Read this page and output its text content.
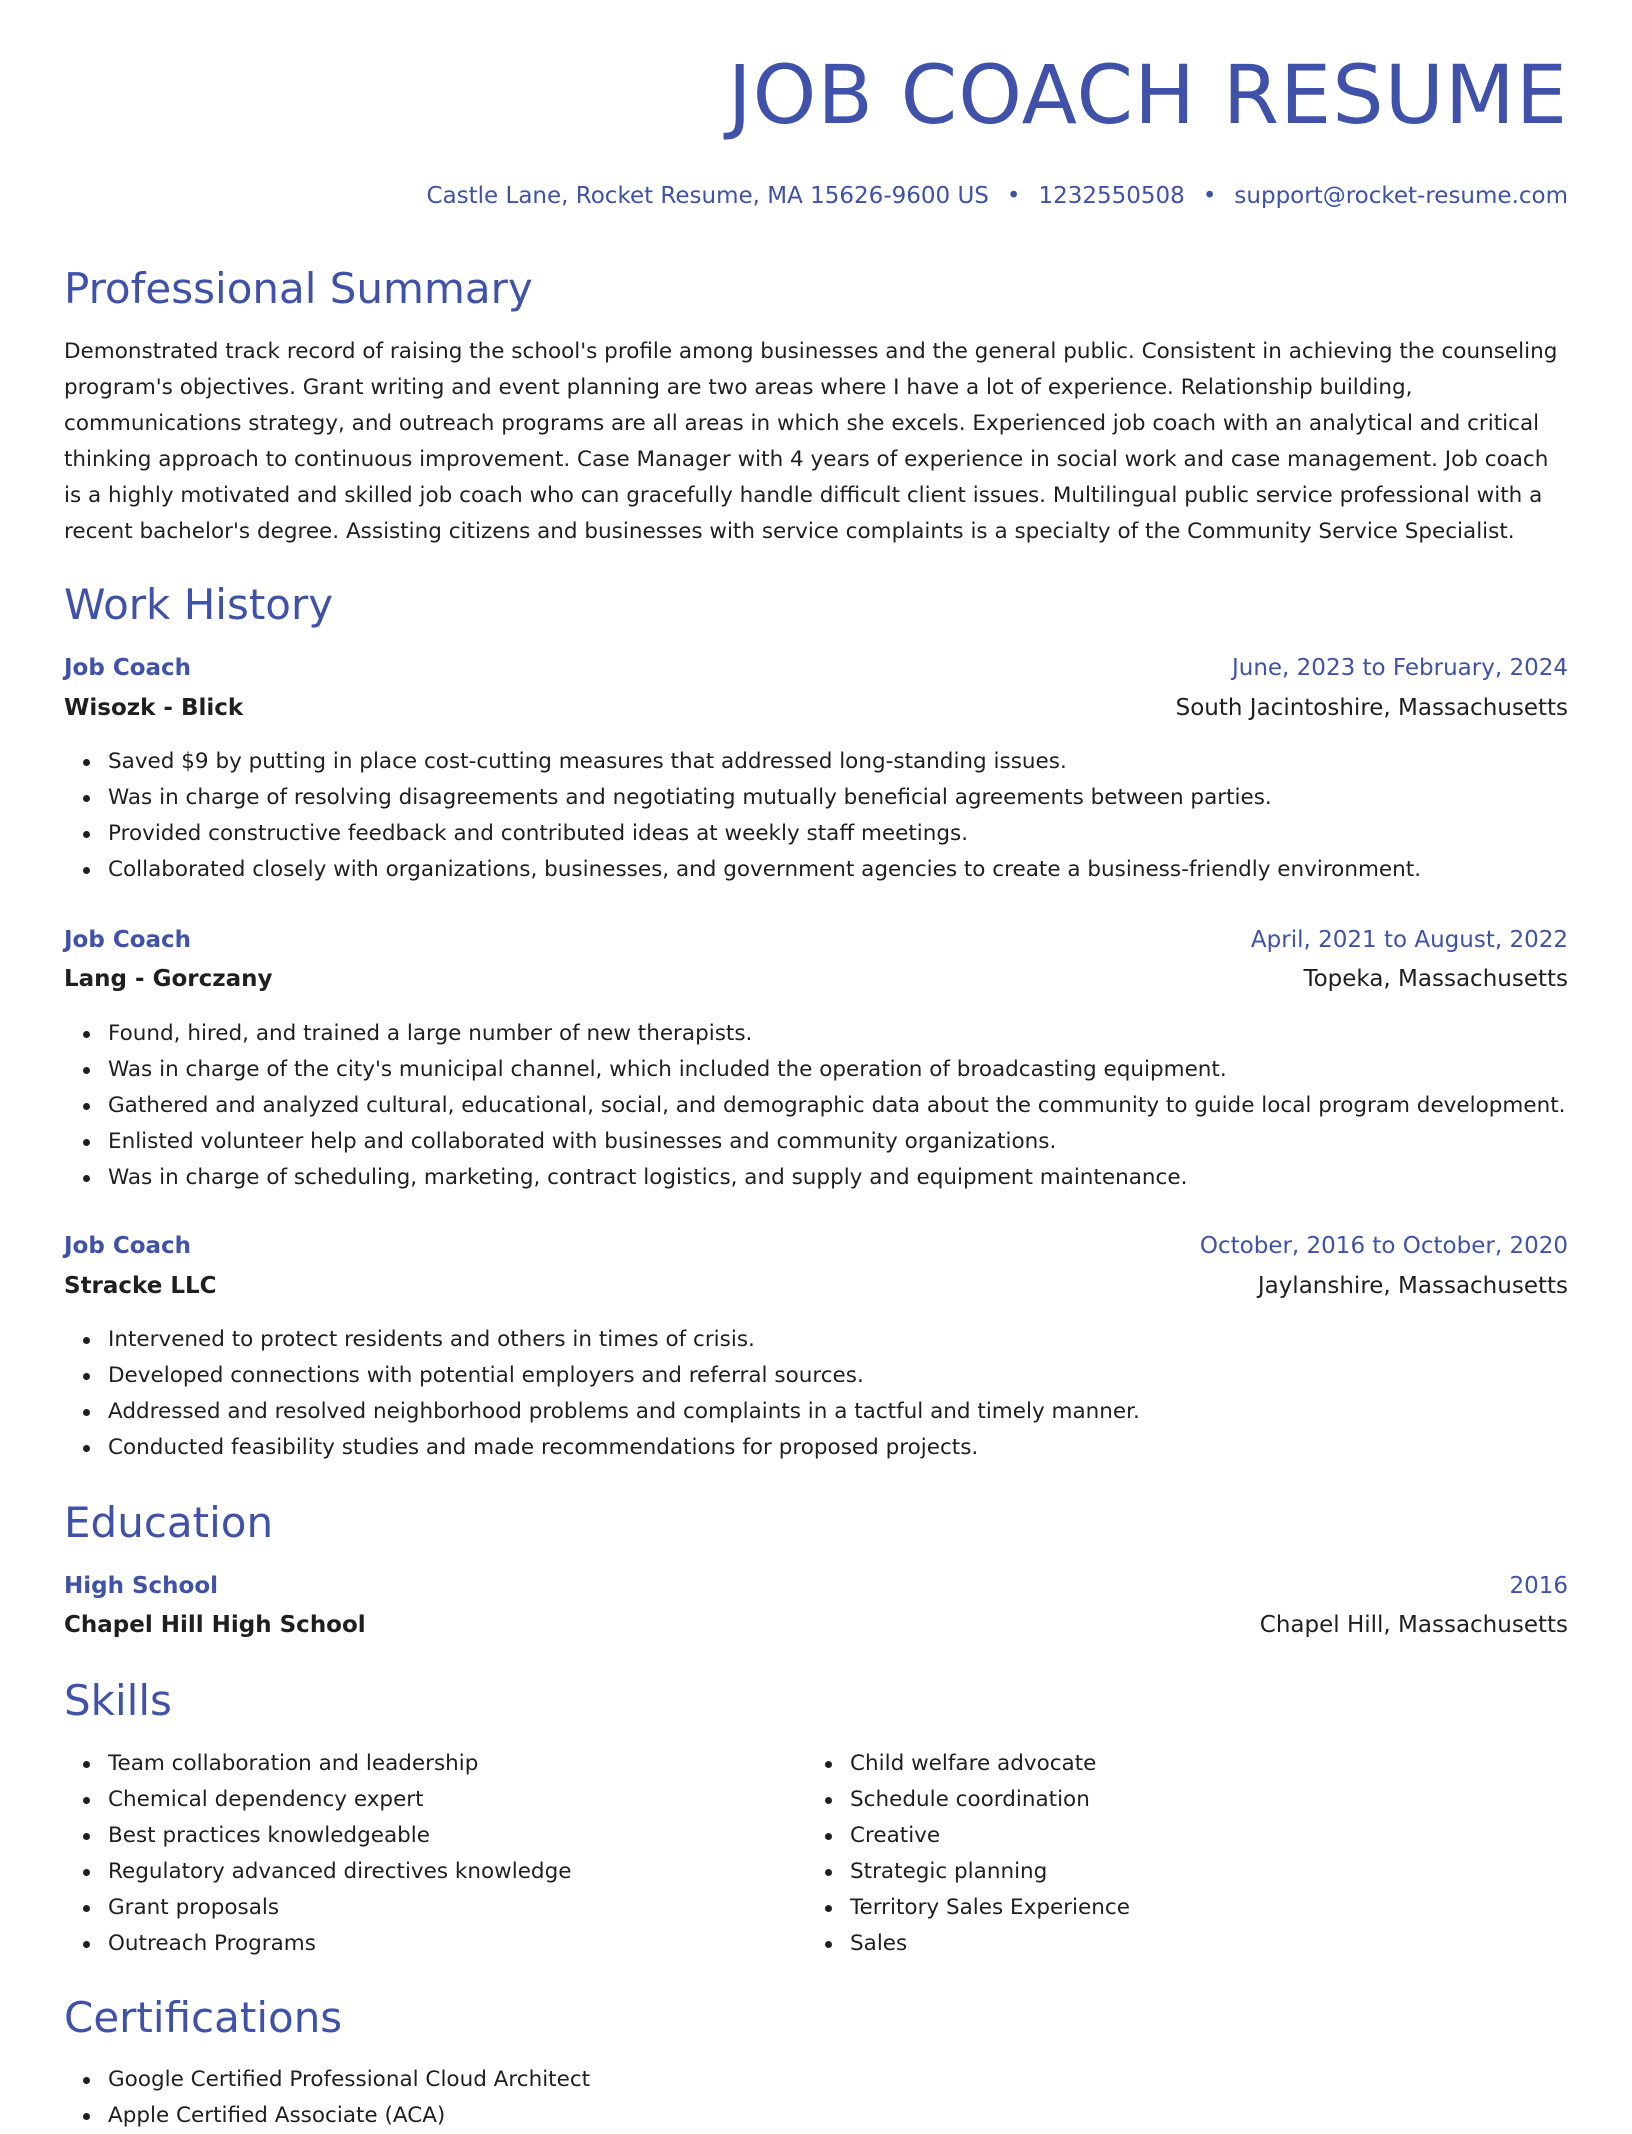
JOB COACH RESUME
Castle Lane, Rocket Resume, MA 15626-9600 US • 1232550508 • support@rocket-resume.com
Professional Summary

Demonstrated track record of raising the school's profile among businesses and the general public. Consistent in achieving the counseling program's objectives. Grant writing and event planning are two areas where I have a lot of experience. Relationship building, communications strategy, and outreach programs are all areas in which she excels. Experienced job coach with an analytical and critical thinking approach to continuous improvement. Case Manager with 4 years of experience in social work and case management. Job coach is a highly motivated and skilled job coach who can gracefully handle difficult client issues. Multilingual public service professional with a recent bachelor's degree. Assisting citizens and businesses with service complaints is a specialty of the Community Service Specialist.

Work History
Job Coach	June, 2023 to February, 2024
Wisozk - Blick	South Jacintoshire, Massachusetts
Saved $9 by putting in place cost-cutting measures that addressed long-standing issues.
Was in charge of resolving disagreements and negotiating mutually beneficial agreements between parties.
Provided constructive feedback and contributed ideas at weekly staff meetings.
Collaborated closely with organizations, businesses, and government agencies to create a business-friendly environment.
Job Coach	April, 2021 to August, 2022
Lang - Gorczany	Topeka, Massachusetts
Found, hired, and trained a large number of new therapists.
Was in charge of the city's municipal channel, which included the operation of broadcasting equipment.
Gathered and analyzed cultural, educational, social, and demographic data about the community to guide local program development.
Enlisted volunteer help and collaborated with businesses and community organizations.
Was in charge of scheduling, marketing, contract logistics, and supply and equipment maintenance.
Job Coach	October, 2016 to October, 2020
Stracke LLC	Jaylanshire, Massachusetts
Intervened to protect residents and others in times of crisis.
Developed connections with potential employers and referral sources.
Addressed and resolved neighborhood problems and complaints in a tactful and timely manner.
Conducted feasibility studies and made recommendations for proposed projects.
Education
High School	2016
Chapel Hill High School	Chapel Hill, Massachusetts
Skills
Team collaboration and leadership
Chemical dependency expert
Best practices knowledgeable
Regulatory advanced directives knowledge
Grant proposals
Outreach Programs
Child welfare advocate
Schedule coordination
Creative
Strategic planning
Territory Sales Experience
Sales
Certifications
Google Certified Professional Cloud Architect
Apple Certified Associate (ACA)
